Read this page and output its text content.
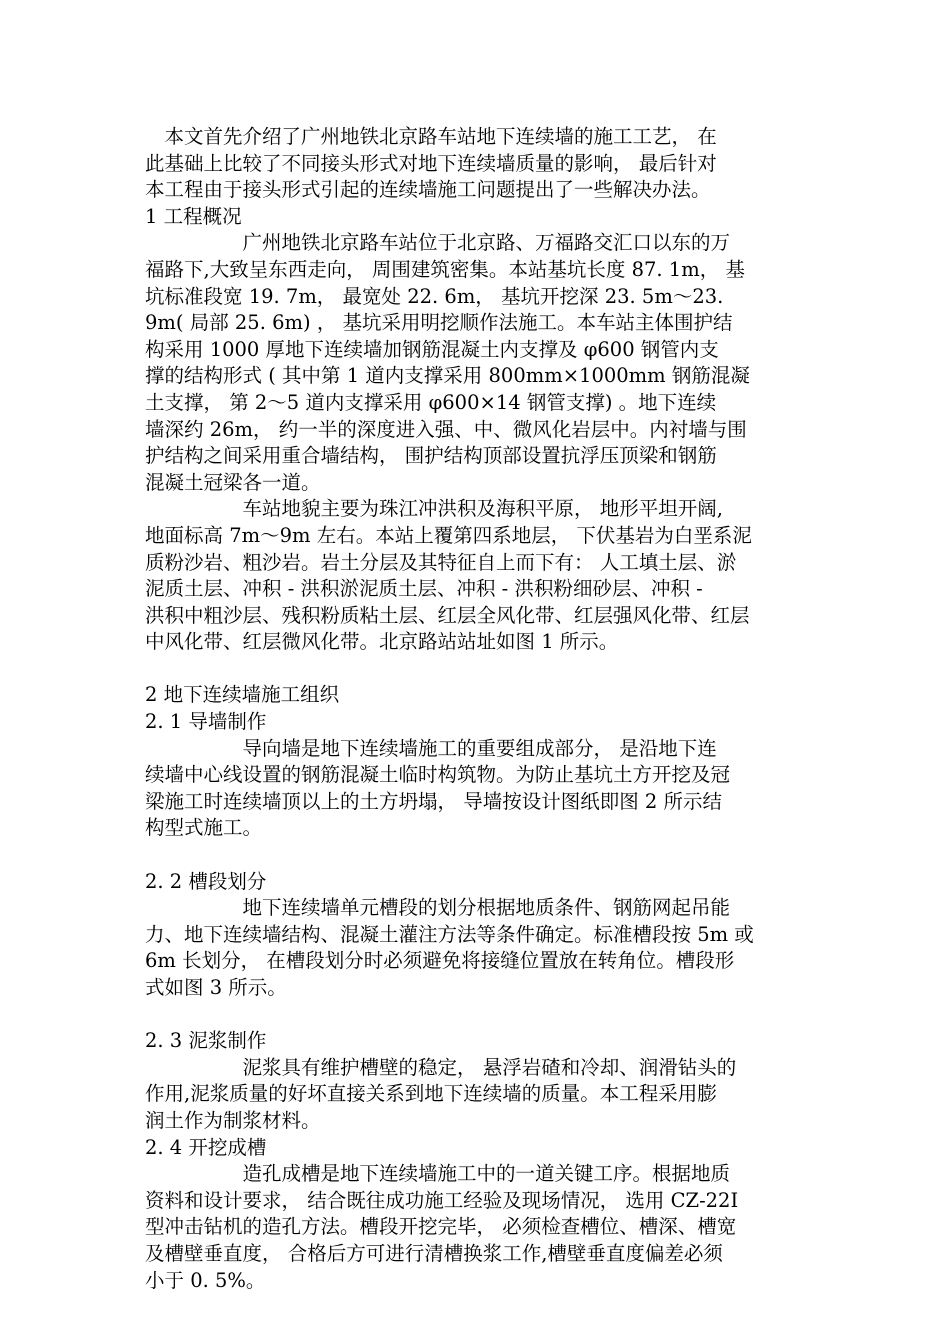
　本文首先介绍了广州地铁北京路车站地下连续墙的施工工艺， 在
此基础上比较了不同接头形式对地下连续墙质量的影响， 最后针对
本工程由于接头形式引起的连续墙施工问题提出了一些解决办法。
1 工程概况
　　　　　广州地铁北京路车站位于北京路、万福路交汇口以东的万
福路下,大致呈东西走向， 周围建筑密集。本站基坑长度 87. 1m， 基
坑标准段宽 19. 7m， 最宽处 22. 6m， 基坑开挖深 23. 5m～23.
9m( 局部 25. 6m) ， 基坑采用明挖顺作法施工。本车站主体围护结
构采用 1000 厚地下连续墙加钢筋混凝土内支撑及 φ600 钢管内支
撑的结构形式 ( 其中第 1 道内支撑采用 800mm×1000mm 钢筋混凝
土支撑， 第 2～5 道内支撑采用 φ600×14 钢管支撑) 。地下连续
墙深约 26m， 约一半的深度进入强、中、微风化岩层中。内衬墙与围
护结构之间采用重合墙结构， 围护结构顶部设置抗浮压顶梁和钢筋
混凝土冠梁各一道。
　　　　　车站地貌主要为珠江冲洪积及海积平原， 地形平坦开阔,
地面标高 7m～9m 左右。本站上覆第四系地层， 下伏基岩为白垩系泥
质粉沙岩、粗沙岩。岩土分层及其特征自上而下有： 人工填土层、淤
泥质土层、冲积 - 洪积淤泥质土层、冲积 - 洪积粉细砂层、冲积 -
洪积中粗沙层、残积粉质粘土层、红层全风化带、红层强风化带、红层
中风化带、红层微风化带。北京路站站址如图 1 所示。
2 地下连续墙施工组织
2. 1 导墙制作
　　　　　导向墙是地下连续墙施工的重要组成部分， 是沿地下连
续墙中心线设置的钢筋混凝土临时构筑物。为防止基坑土方开挖及冠
梁施工时连续墙顶以上的土方坍塌， 导墙按设计图纸即图 2 所示结
构型式施工。
2. 2 槽段划分
　　　　　地下连续墙单元槽段的划分根据地质条件、钢筋网起吊能
力、地下连续墙结构、混凝土灌注方法等条件确定。标准槽段按 5m 或
6m 长划分， 在槽段划分时必须避免将接缝位置放在转角位。槽段形
式如图 3 所示。
2. 3 泥浆制作
　　　　　泥浆具有维护槽壁的稳定， 悬浮岩碴和冷却、润滑钻头的
作用,泥浆质量的好坏直接关系到地下连续墙的质量。本工程采用膨
润土作为制浆材料。
2. 4 开挖成槽
　　　　　造孔成槽是地下连续墙施工中的一道关键工序。根据地质
资料和设计要求， 结合既往成功施工经验及现场情况， 选用 CZ-22I
型冲击钻机的造孔方法。槽段开挖完毕， 必须检查槽位、槽深、槽宽
及槽壁垂直度， 合格后方可进行清槽换浆工作,槽壁垂直度偏差必须
小于 0. 5%。
